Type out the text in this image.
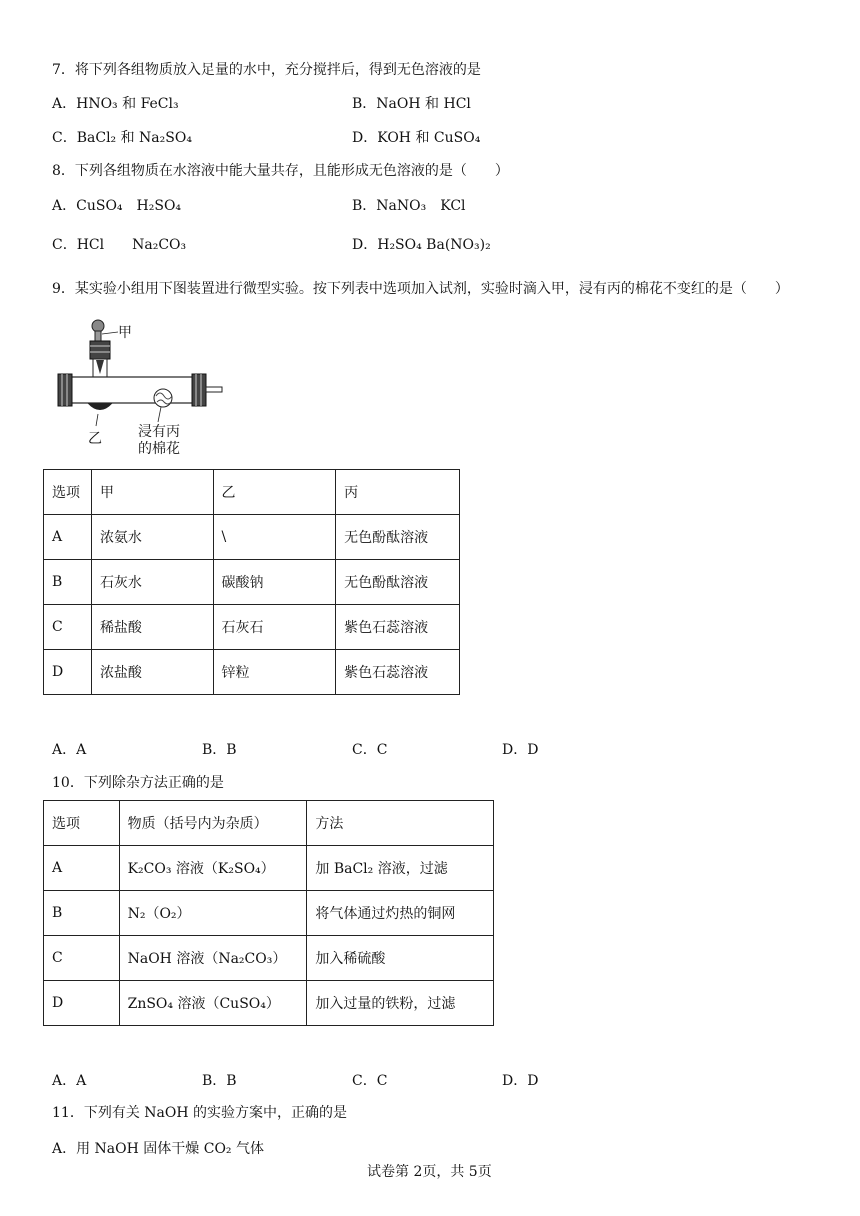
7．将下列各组物质放入足量的水中，充分搅拌后，得到无色溶液的是
A．HNO₃ 和 FeCl₃	B．NaOH 和 HCl
C．BaCl₂ 和 Na₂SO₄	D．KOH 和 CuSO₄
8．下列各组物质在水溶液中能大量共存，且能形成无色溶液的是（　　）
A．CuSO₄　H₂SO₄	B．NaNO₃　KCl
C．HCl　　Na₂CO₃	D．H₂SO₄ Ba(NO₃)₂
9．某实验小组用下图装置进行微型实验。按下列表中选项加入试剂，实验时滴入甲，浸有丙的棉花不变红的是（　　）
甲
乙	浸有丙
的棉花
选项	甲	乙	丙
A	浓氨水	\	无色酚酞溶液
B	石灰水	碳酸钠	无色酚酞溶液
C	稀盐酸	石灰石	紫色石蕊溶液
D	浓盐酸	锌粒	紫色石蕊溶液
A．A	B．B	C．C	D．D
10．下列除杂方法正确的是
选项	物质（括号内为杂质）	方法
A	K₂CO₃ 溶液（K₂SO₄）	加 BaCl₂ 溶液，过滤
B	N₂（O₂）	将气体通过灼热的铜网
C	NaOH 溶液（Na₂CO₃）	加入稀硫酸
D	ZnSO₄ 溶液（CuSO₄）	加入过量的铁粉，过滤
A．A	B．B	C．C	D．D
11．下列有关 NaOH 的实验方案中，正确的是
A．用 NaOH 固体干燥 CO₂ 气体
试卷第 2页，共 5页
